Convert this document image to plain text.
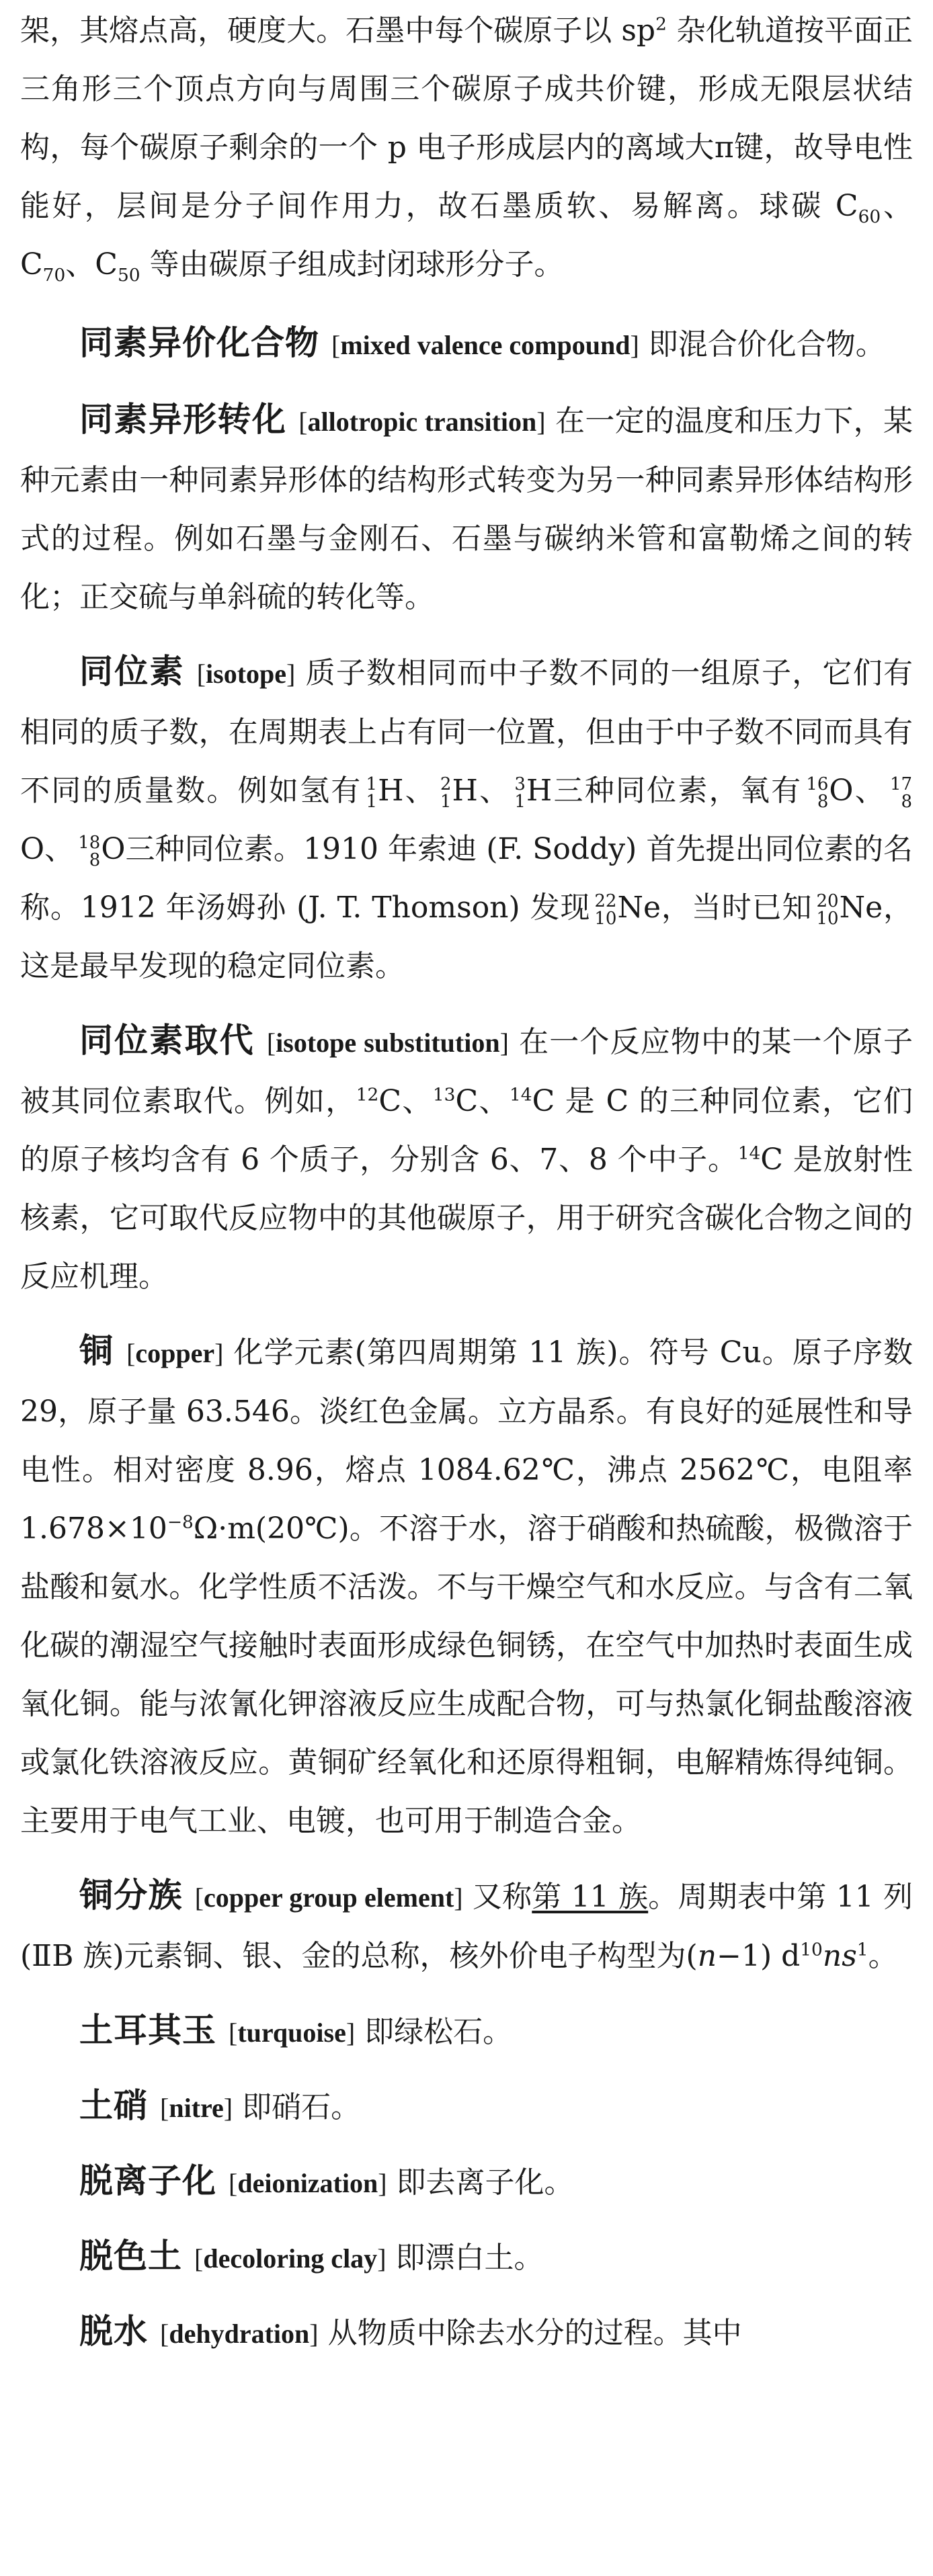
架，其熔点高，硬度大。石墨中每个碳原子以 $sp^2$ 杂化轨道按平面正三角形三个顶点方向与周围三个碳原子成共价键，形成无限层状结构，每个碳原子剩余的一个 p 电子形成层内的离域大π键，故导电性能好，层间是分子间作用力，故石墨质软、易解离。球碳 $C_{60}$、$C_{70}$、$C_{50}$ 等由碳原子组成封闭球形分子。

同素异价化合物 [mixed valence compound] 即混合价化合物。

同素异形转化 [allotropic transition] 在一定的温度和压力下，某种元素由一种同素异形体的结构形式转变为另一种同素异形体结构形式的过程。例如石墨与金刚石、石墨与碳纳米管和富勒烯之间的转化；正交硫与单斜硫的转化等。

同位素 [isotope] 质子数相同而中子数不同的一组原子，它们有相同的质子数，在周期表上占有同一位置，但由于中子数不同而具有不同的质量数。例如氢有 1
1 H、 2
1 H、 3
1 H三种同位素，氧有 16
8 O、 17
8
O、 18
8 O三种同位素。1910 年索迪 (F. Soddy) 首先提出同位素的名称。1912 年汤姆孙 (J. T. Thomson) 发现 22
10 Ne，当时已知 20
10 Ne，这是最早发现的稳定同位素。

同位素取代 [isotope substitution] 在一个反应物中的某一个原子被其同位素取代。例如，$^{12}$C、$^{13}$C、$^{14}$C 是 C 的三种同位素，它们的原子核均含有 6 个质子，分别含 6、7、8 个中子。$^{14}$C 是放射性核素，它可取代反应物中的其他碳原子，用于研究含碳化合物之间的反应机理。

铜 [copper] 化学元素(第四周期第 11 族)。符号 Cu。原子序数 29，原子量 63.546。淡红色金属。立方晶系。有良好的延展性和导电性。相对密度 8.96，熔点 1084.62℃，沸点 2562℃，电阻率 $1.678\times 10^{-8}\Omega\cdot m(20℃)$。不溶于水，溶于硝酸和热硫酸，极微溶于盐酸和氨水。化学性质不活泼。不与干燥空气和水反应。与含有二氧化碳的潮湿空气接触时表面形成绿色铜锈，在空气中加热时表面生成氧化铜。能与浓氰化钾溶液反应生成配合物，可与热氯化铜盐酸溶液或氯化铁溶液反应。黄铜矿经氧化和还原得粗铜，电解精炼得纯铜。主要用于电气工业、电镀，也可用于制造合金。

铜分族 [copper group element] 又称第 11 族。周期表中第 11 列(ⅡB 族)元素铜、银、金的总称，核外价电子构型为(n−1) $d^{10}ns^1$。

土耳其玉 [turquoise] 即绿松石。

土硝 [nitre] 即硝石。

脱离子化 [deionization] 即去离子化。

脱色土 [decoloring clay] 即漂白土。

脱水 [dehydration] 从物质中除去水分的过程。其中
